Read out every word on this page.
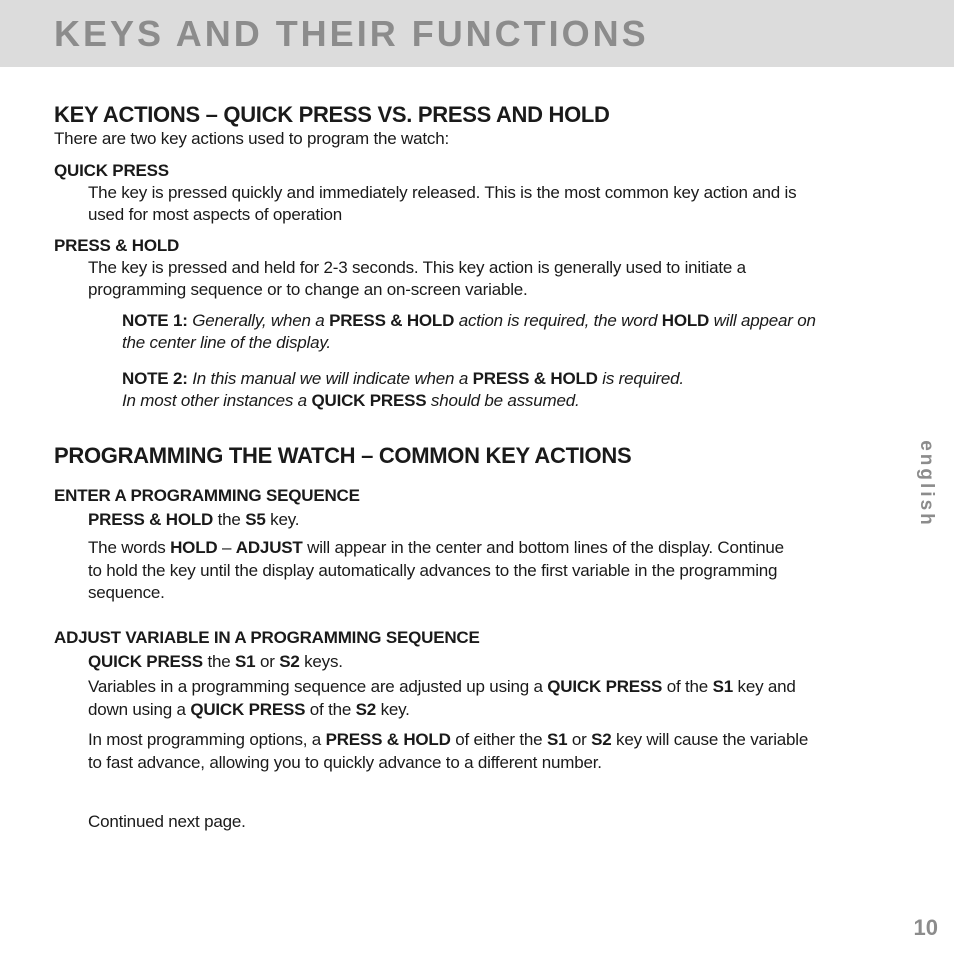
KEYS AND THEIR FUNCTIONS
KEY ACTIONS – QUICK PRESS VS. PRESS AND HOLD

There are two key actions used to program the watch:

QUICK PRESS

The key is pressed quickly and immediately released. This is the most common key action and is

used for most aspects of operation

PRESS & HOLD

The key is pressed and held for 2-3 seconds. This key action is generally used to initiate a

programming sequence or to change an on-screen variable.

NOTE 1: Generally, when a PRESS & HOLD action is required, the word HOLD will appear on

the center line of the display.

NOTE 2: In this manual we will indicate when a PRESS & HOLD is required.

In most other instances a QUICK PRESS should be assumed.

PROGRAMMING THE WATCH – COMMON KEY ACTIONS
ENTER A PROGRAMMING SEQUENCE

PRESS & HOLD the S5 key.

The words HOLD – ADJUST will appear in the center and bottom lines of the display. Continue

to hold the key until the display automatically advances to the first variable in the programming

sequence.

ADJUST VARIABLE IN A PROGRAMMING SEQUENCE

QUICK PRESS the S1 or S2 keys.

Variables in a programming sequence are adjusted up using a QUICK PRESS of the S1 key and

down using a QUICK PRESS of the S2 key.

In most programming options, a PRESS & HOLD of either the S1 or S2 key will cause the variable

to fast advance, allowing you to quickly advance to a different number.

Continued next page.

english
10
